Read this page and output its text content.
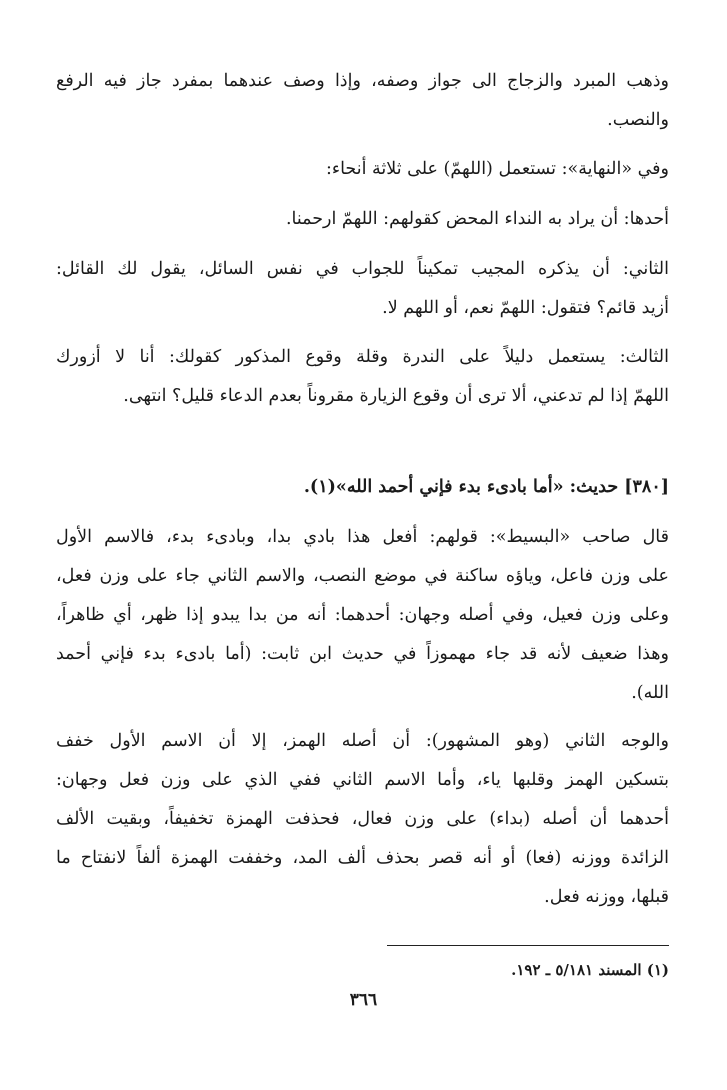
وذهب المبرد والزجاج الى جواز وصفه، وإذا وصف عندهما بمفرد جاز فيه الرفع
والنصب.
وفي «النهاية»: تستعمل (اللهمّ) على ثلاثة أنحاء:
أحدها: أن يراد به النداء المحض كقولهم: اللهمّ ارحمنا.
الثاني: أن يذكره المجيب تمكيناً للجواب في نفس السائل، يقول لك القائل:
أزيد قائم؟ فتقول: اللهمّ نعم، أو اللهم لا.
الثالث: يستعمل دليلاً على الندرة وقلة وقوع المذكور كقولك: أنا لا أزورك
اللهمّ إذا لم تدعني، ألا ترى أن وقوع الزيارة مقروناً بعدم الدعاء قليل؟ انتهى.
[٣٨٠] حديث: «أما بادىء بدء فإني أحمد الله»(١).
قال صاحب «البسيط»: قولهم: أفعل هذا بادي بدا، وبادىء بدء، فالاسم الأول
على وزن فاعل، وياؤه ساكنة في موضع النصب، والاسم الثاني جاء على وزن فعل،
وعلى وزن فعيل، وفي أصله وجهان: أحدهما: أنه من بدا يبدو إذا ظهر، أي ظاهراً،
وهذا ضعيف لأنه قد جاء مهموزاً في حديث ابن ثابت: (أما بادىء بدء فإني أحمد
الله).
والوجه الثاني (وهو المشهور): أن أصله الهمز، إلا أن الاسم الأول خفف
بتسكين الهمز وقلبها ياء، وأما الاسم الثاني ففي الذي على وزن فعل وجهان:
أحدهما أن أصله (بداء) على وزن فعال، فحذفت الهمزة تخفيفاً، وبقيت الألف
الزائدة ووزنه (فعا) أو أنه قصر بحذف ألف المد، وخففت الهمزة ألفاً لانفتاح ما
قبلها، ووزنه فعل.
(١) المسند ٥/١٨١ ـ ١٩٢.
٣٦٦
